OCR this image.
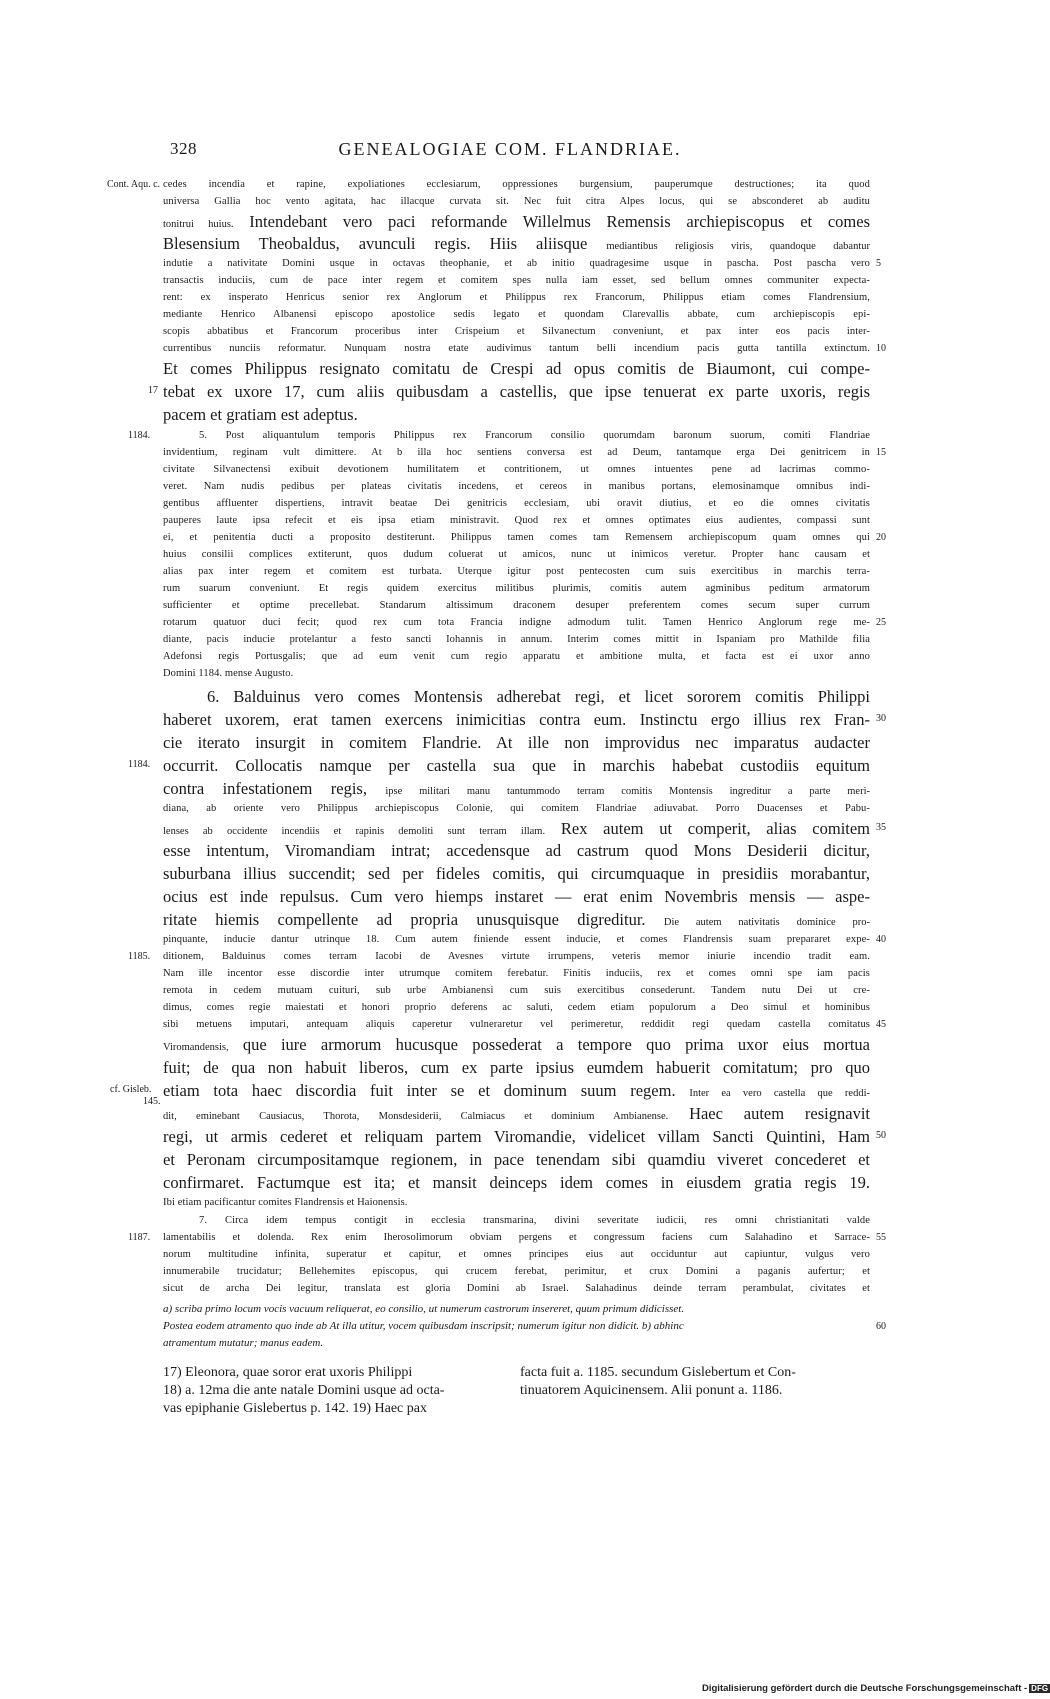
328	GENEALOGIAE COM. FLANDRIAE.
cedes incendia et rapine, expoliationes ecclesiarum, oppressiones burgensium, pauperumque destructiones; ita quod
universa Gallia hoc vento agitata, hac illacque curvata sit. Nec fuit citra Alpes locus, qui se absconderet ab auditu
tonitrui huius. Intendebant vero paci reformande Willelmus Remensis archiepiscopus et comes
Blesensium Theobaldus, avunculi regis. Hiis aliisque mediantibus religiosis viris, quandoque dabantur
indutie a nativitate Domini usque in octavas theophanie, et ab initio quadragesime usque in pascha. Post pascha vero
transactis induciis, cum de pace inter regem et comitem spes nulla iam esset, sed bellum omnes communiter expecta-
rent: ex insperato Henricus senior rex Anglorum et Philippus rex Francorum, Philippus etiam comes Flandrensium,
mediante Henrico Albanensi episcopo apostolice sedis legato et quondam Clarevallis abbate, cum archiepiscopis epi-
scopis abbatibus et Francorum proceribus inter Crispeium et Silvanectum conveniunt, et pax inter eos pacis inter-
currentibus nunciis reformatur. Nunquam nostra etate audivimus tantum belli incendium pacis gutta tantilla extinctum.
Et comes Philippus resignato comitatu de Crespi ad opus comitis de Biaumont, cui compe-
tebat ex uxore 17, cum aliis quibusdam a castellis, que ipse tenuerat ex parte uxoris, regis
pacem et gratiam est adeptus.
5. Post aliquantulum temporis Philippus rex Francorum consilio quorumdam baronum suorum, comiti Flandriae
invidentium, reginam vult dimittere. At b illa hoc sentiens conversa est ad Deum, tantamque erga Dei genitricem in
civitate Silvanectensi exibuit devotionem humilitatem et contritionem, ut omnes intuentes pene ad lacrimas commo-
veret. Nam nudis pedibus per plateas civitatis incedens, et cereos in manibus portans, elemosinamque omnibus indi-
gentibus affluenter dispertiens, intravit beatae Dei genitricis ecclesiam, ubi oravit diutius, et eo die omnes civitatis
pauperes laute ipsa refecit et eis ipsa etiam ministravit. Quod rex et omnes optimates eius audientes, compassi sunt
ei, et penitentia ducti a proposito destiterunt. Philippus tamen comes tam Remensem archiepiscopum quam omnes qui
huius consilii complices extiterunt, quos dudum coluerat ut amicos, nunc ut inimicos veretur. Propter hanc causam et
alias pax inter regem et comitem est turbata. Uterque igitur post pentecosten cum suis exercitibus in marchis terra-
rum suarum conveniunt. Et regis quidem exercitus militibus plurimis, comitis autem agminibus peditum armatorum
sufficienter et optime precellebat. Standarum altissimum draconem desuper preferentem comes secum super currum
rotarum quatuor duci fecit; quod rex cum tota Francia indigne admodum tulit. Tamen Henrico Anglorum rege me-
diante, pacis inducie protelantur a festo sancti Iohannis in annum. Interim comes mittit in Ispaniam pro Mathilde filia
Adefonsi regis Portusgalis; que ad eum venit cum regio apparatu et ambitione multa, et facta est ei uxor anno
Domini 1184. mense Augusto.
6. Balduinus vero comes Montensis adherebat regi, et licet sororem comitis Philippi
haberet uxorem, erat tamen exercens inimicitias contra eum. Instinctu ergo illius rex Fran-
cie iterato insurgit in comitem Flandrie. At ille non improvidus nec imparatus audacter
occurrit. Collocatis namque per castella sua que in marchis habebat custodiis equitum
contra infestationem regis, ipse militari manu tantummodo terram comitis Montensis ingreditur a parte meri-
diana, ab oriente vero Philippus archiepiscopus Colonie, qui comitem Flandriae adiuvabat. Porro Duacenses et Pabu-
lenses ab occidente incendiis et rapinis demoliti sunt terram illam. Rex autem ut comperit, alias comitem
esse intentum, Viromandiam intrat; accedensque ad castrum quod Mons Desiderii dicitur,
suburbana illius succendit; sed per fideles comitis, qui circumquaque in presidiis morabantur,
ocius est inde repulsus. Cum vero hiemps instaret — erat enim Novembris mensis — aspe-
ritate hiemis compellente ad propria unusquisque digreditur. Die autem nativitatis dominice pro-
pinquante, inducie dantur utrinque 18. Cum autem finiende essent inducie, et comes Flandrensis suam prepararet expe-
ditionem, Balduinus comes terram Iacobi de Avesnes virtute irrumpens, veteris memor iniurie incendio tradit eam.
Nam ille incentor esse discordie inter utrumque comitem ferebatur. Finitis induciis, rex et comes omni spe iam pacis
remota in cedem mutuam cuituri, sub urbe Ambianensi cum suis exercitibus consederunt. Tandem nutu Dei ut cre-
dimus, comes regie maiestati et honori proprio deferens ac saluti, cedem etiam populorum a Deo simul et hominibus
sibi metuens imputari, antequam aliquis caperetur vulneraretur vel perimeretur, reddidit regi quedam castella comitatus
Viromandensis, que iure armorum hucusque possederat a tempore quo prima uxor eius mortua
fuit; de qua non habuit liberos, cum ex parte ipsius eumdem habuerit comitatum; pro quo
etiam tota haec discordia fuit inter se et dominum suum regem. Inter ea vero castella que reddi-
dit, eminebant Causiacus, Thorota, Monsdesiderii, Calmiacus et dominium Ambianense. Haec autem resignavit
regi, ut armis cederet et reliquam partem Viromandie, videlicet villam Sancti Quintini, Ham
et Peronam circumpositamque regionem, in pace tenendam sibi quamdiu viveret concederet et
confirmaret. Factumque est ita; et mansit deinceps idem comes in eiusdem gratia regis 19.
Ibi etiam pacificantur comites Flandrensis et Haionensis.
7. Circa idem tempus contigit in ecclesia transmarina, divini severitate iudicii, res omni christianitati valde
lamentabilis et dolenda. Rex enim Iherosolimorum obviam pergens et congressum faciens cum Salahadino et Sarrace-
norum multitudine infinita, superatur et capitur, et omnes principes eius aut occiduntur aut capiuntur, vulgus vero
innumerabile trucidatur; Bellehemites episcopus, qui crucem ferebat, perimitur, et crux Domini a paganis aufertur; et
sicut de archa Dei legitur, translata est gloria Domini ab Israel. Salahadinus deinde terram perambulat, civitates et
Cont. Aqu. c.
17
1184.
1184.
1185.
cf. Gisleb.
145.
1187.
5
10
15
20
25
30
35
40
45
50
55
60
a) scriba primo locum vocis vacuum reliquerat, eo consilio, ut numerum castrorum insereret, quum primum didicisset.
Postea eodem atramento quo inde ab At illa utitur, vocem quibusdam inscripsit; numerum igitur non didicit. b) abhinc
atramentum mutatur; manus eadem.
17) Eleonora, quae soror erat uxoris Philippi
18) a. 12ma die ante natale Domini usque ad octa-
vas epiphanie Gislebertus p. 142. 19) Haec pax
facta fuit a. 1185. secundum Gislebertum et Con-
tinuatorem Aquicinensem. Alii ponunt a. 1186.
Digitalisierung gefördert durch die Deutsche Forschungsgemeinschaft - DFG
